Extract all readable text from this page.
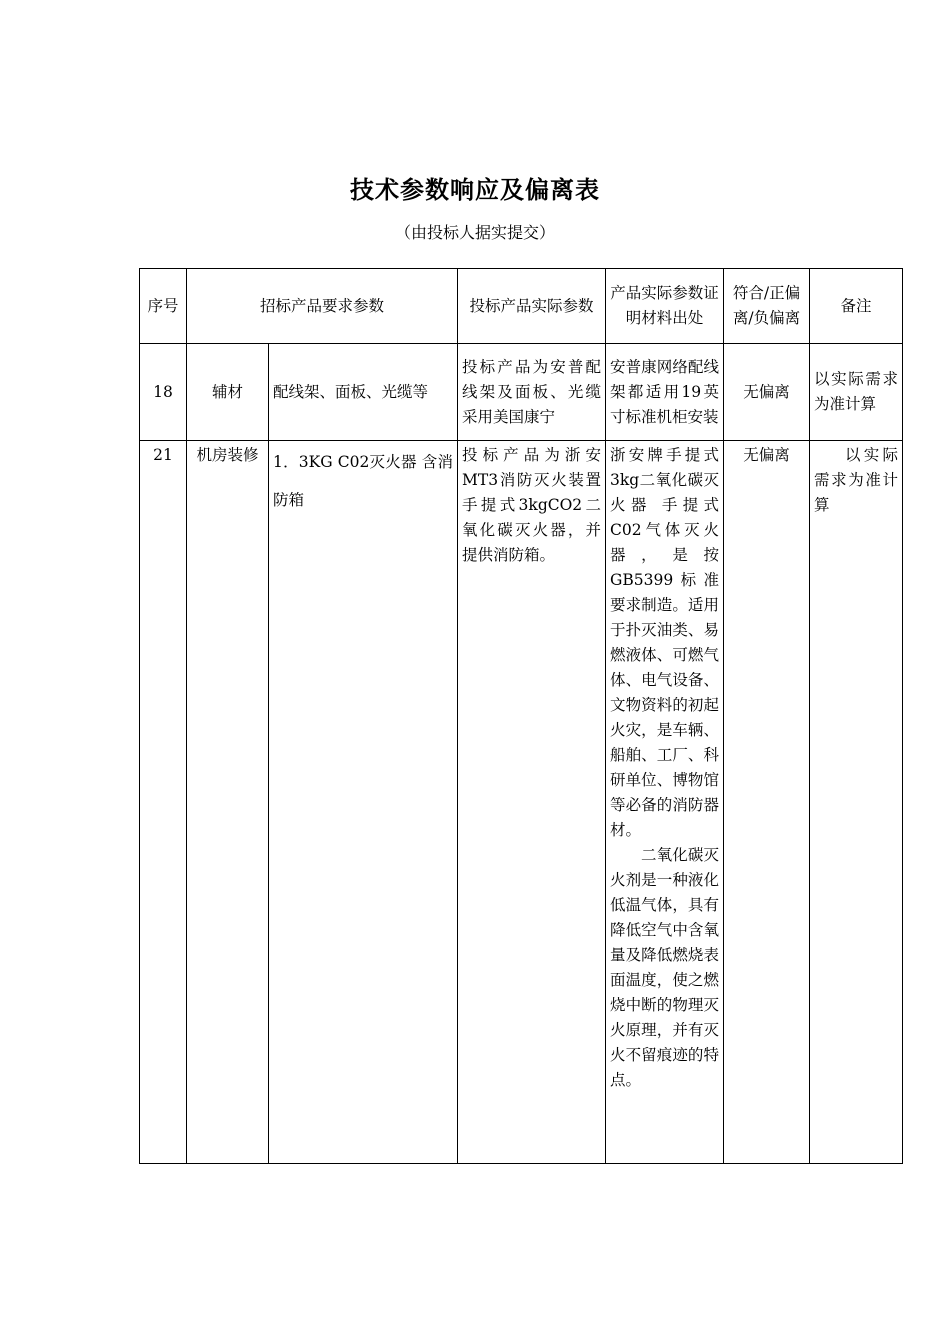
技术参数响应及偏离表
（由投标人据实提交）
序号	招标产品要求参数		投标产品实际参数	产品实际参数证明材料出处	符合/正偏离/负偏离	备注
18	辅材	配线架、面板、光缆等	投标产品为安普配线架及面板、光缆采用美国康宁	安普康网络配线架都适用19英寸标准机柜安装	无偏离	以实际需求为准计算
21	机房装修	1．3KG C02灭火器 含消防箱	投标产品为浙安MT3消防灭火装置手提式3kgCO2二氧化碳灭火器，并提供消防箱。	浙安牌手提式3kg二氧化碳灭火器 手提式C02气体灭火器，是按GB5399标准要求制造。适用于扑灭油类、易燃液体、可燃气体、电气设备、文物资料的初起火灾，是车辆、船舶、工厂、科研单位、博物馆等必备的消防器材。

二氧化碳灭火剂是一种液化低温气体，具有降低空气中含氧量及降低燃烧表面温度，使之燃烧中断的物理灭火原理，并有灭火不留痕迹的特点。	无偏离	以实际需求为准计算
